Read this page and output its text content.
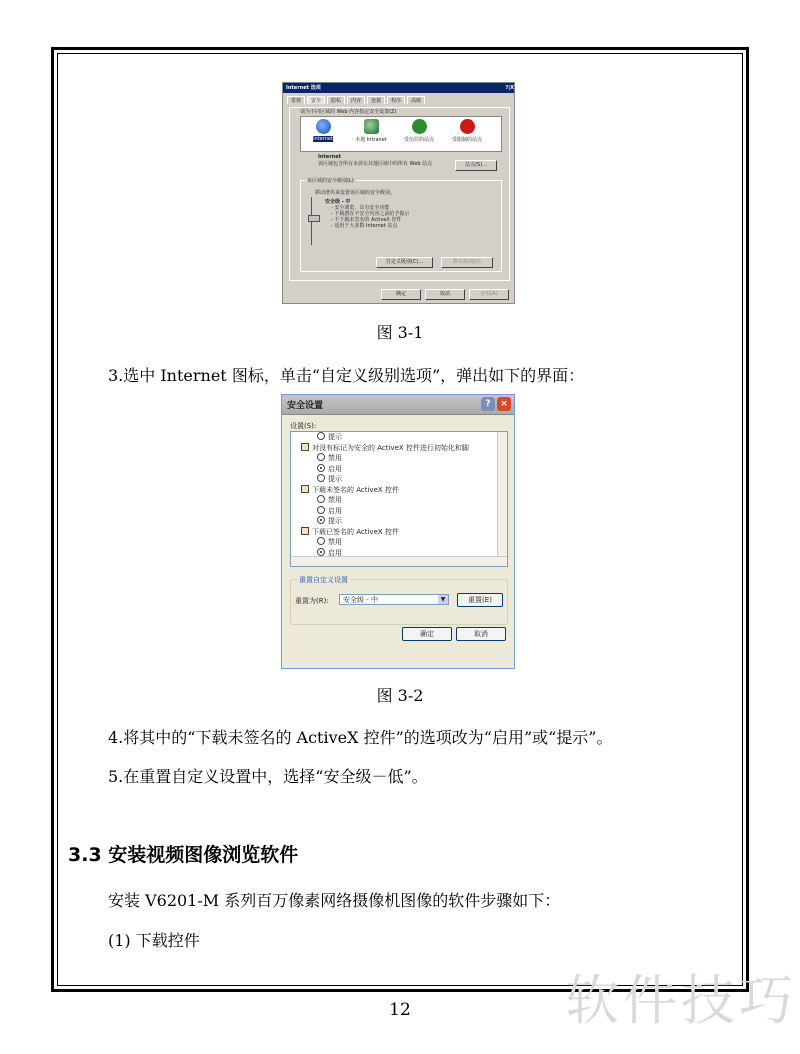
Internet 选项	?|X
常规	安全	隐私	内容	连接	程序	高级
请为不同区域的 Web 内容指定安全设置(Z)
Internet	本地 Intranet	受信任的站点	受限制的站点
Internet
该区域包含所有未放在其他区域中的所有 Web 站点	站点(S)...
该区域的安全级别(L)
移动滑块来设置该区域的安全级别。
安全级 - 中
- 安全浏览，具有安全功能
- 下载潜在不安全内容之前给予提示
- 不下载未签名的 ActiveX 控件
- 适用于大多数 Internet 站点
自定义级别(C)...	默认级别(D)
确定	取消	应用(A)
图 3-1
3.选中 Internet 图标，单击“自定义级别选项”，弹出如下的界面：
安全设置	?	×
设置(S):
提示
对没有标记为安全的 ActiveX 控件进行初始化和脚
禁用
启用
提示
下载未签名的 ActiveX 控件
禁用
启用
提示
下载已签名的 ActiveX 控件
禁用
启用
重置自定义设置
重置为(R):	安全级 - 中	▼	重置(E)
确定	取消
图 3-2
4.将其中的“下载未签名的 ActiveX 控件”的选项改为“启用”或“提示”。
5.在重置自定义设置中，选择“安全级－低”。
3.3 安装视频图像浏览软件
安装 V6201-M 系列百万像素网络摄像机图像的软件步骤如下：
(1) 下载控件
12	软件技巧
